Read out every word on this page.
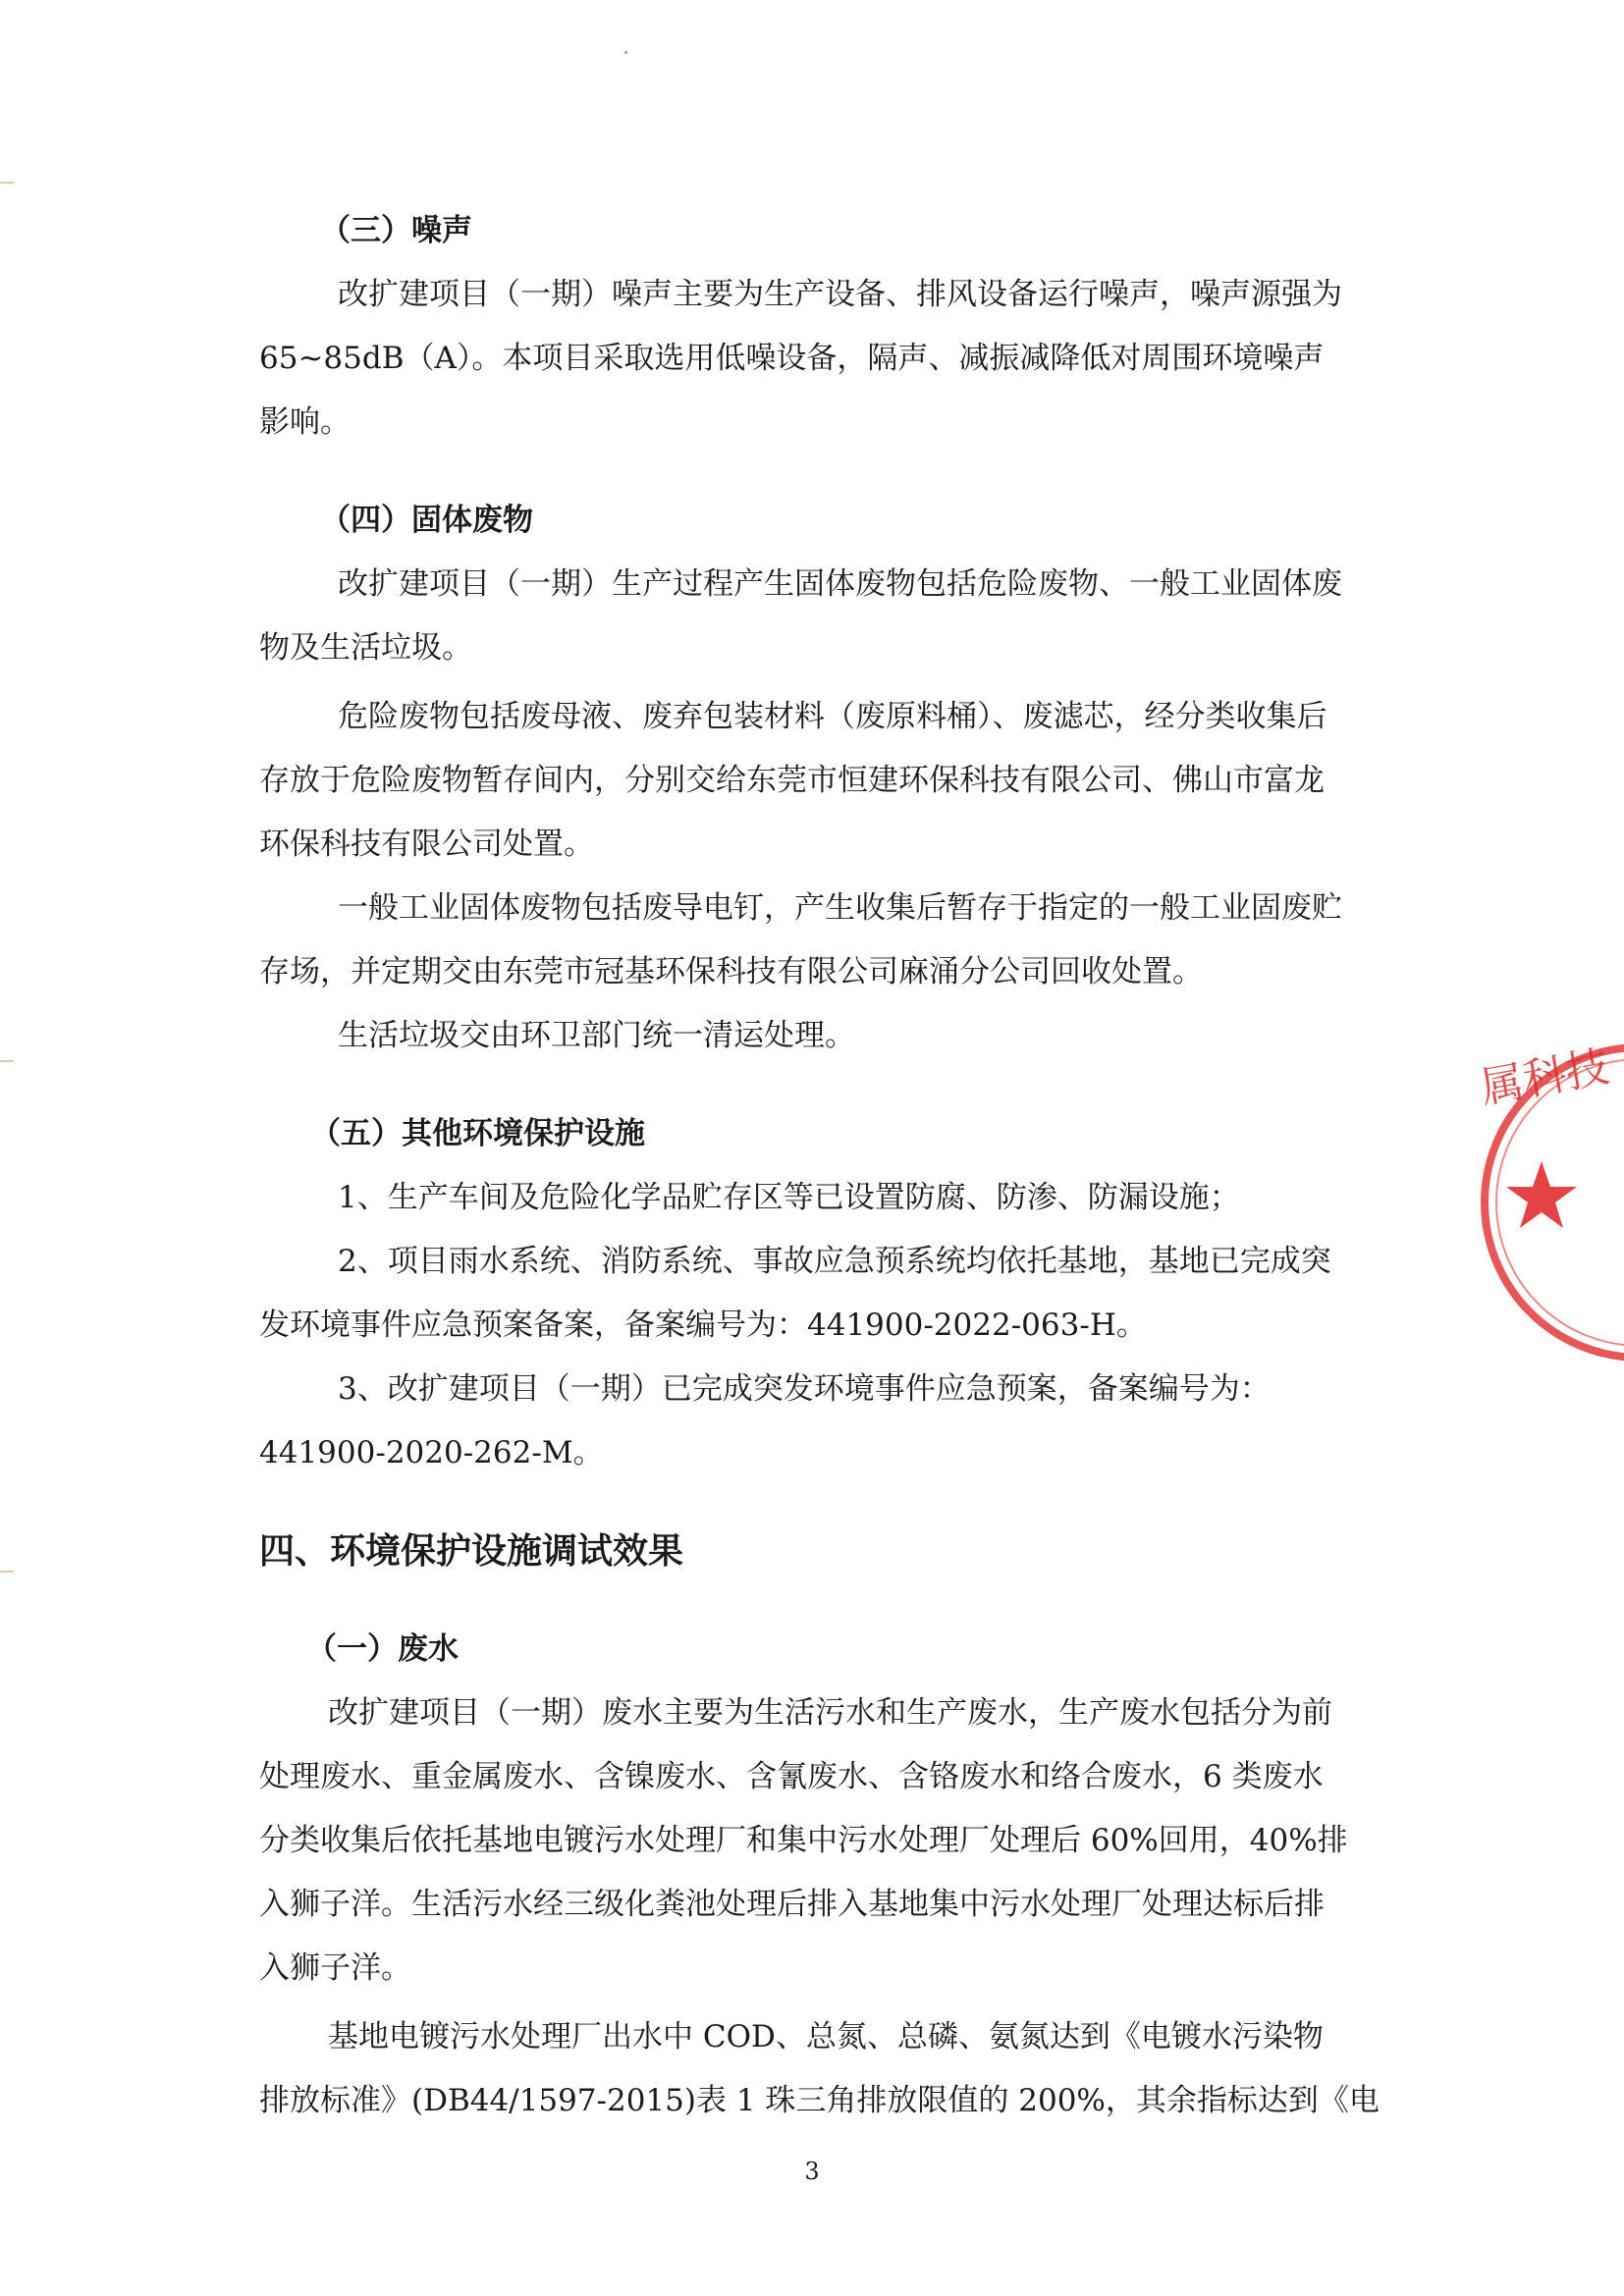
（三）噪声
改扩建项目（一期）噪声主要为生产设备、排风设备运行噪声，噪声源强为
65~85dB（A）。本项目采取选用低噪设备，隔声、减振减降低对周围环境噪声
影响。
（四）固体废物
改扩建项目（一期）生产过程产生固体废物包括危险废物、一般工业固体废
物及生活垃圾。
危险废物包括废母液、废弃包装材料（废原料桶）、废滤芯，经分类收集后
存放于危险废物暂存间内，分别交给东莞市恒建环保科技有限公司、佛山市富龙
环保科技有限公司处置。
一般工业固体废物包括废导电钉，产生收集后暂存于指定的一般工业固废贮
存场，并定期交由东莞市冠基环保科技有限公司麻涌分公司回收处置。
生活垃圾交由环卫部门统一清运处理。
（五）其他环境保护设施
1、生产车间及危险化学品贮存区等已设置防腐、防渗、防漏设施；
2、项目雨水系统、消防系统、事故应急预系统均依托基地，基地已完成突
发环境事件应急预案备案，备案编号为：441900-2022-063-H。
3、改扩建项目（一期）已完成突发环境事件应急预案，备案编号为：
441900-2020-262-M。
四、环境保护设施调试效果
（一）废水
改扩建项目（一期）废水主要为生活污水和生产废水，生产废水包括分为前
处理废水、重金属废水、含镍废水、含氰废水、含铬废水和络合废水，6 类废水
分类收集后依托基地电镀污水处理厂和集中污水处理厂处理后 60%回用，40%排
入狮子洋。生活污水经三级化粪池处理后排入基地集中污水处理厂处理达标后排
入狮子洋。
基地电镀污水处理厂出水中 COD、总氮、总磷、氨氮达到《电镀水污染物
排放标准》(DB44/1597-2015)表 1 珠三角排放限值的 200%，其余指标达到《电
属科技
3
